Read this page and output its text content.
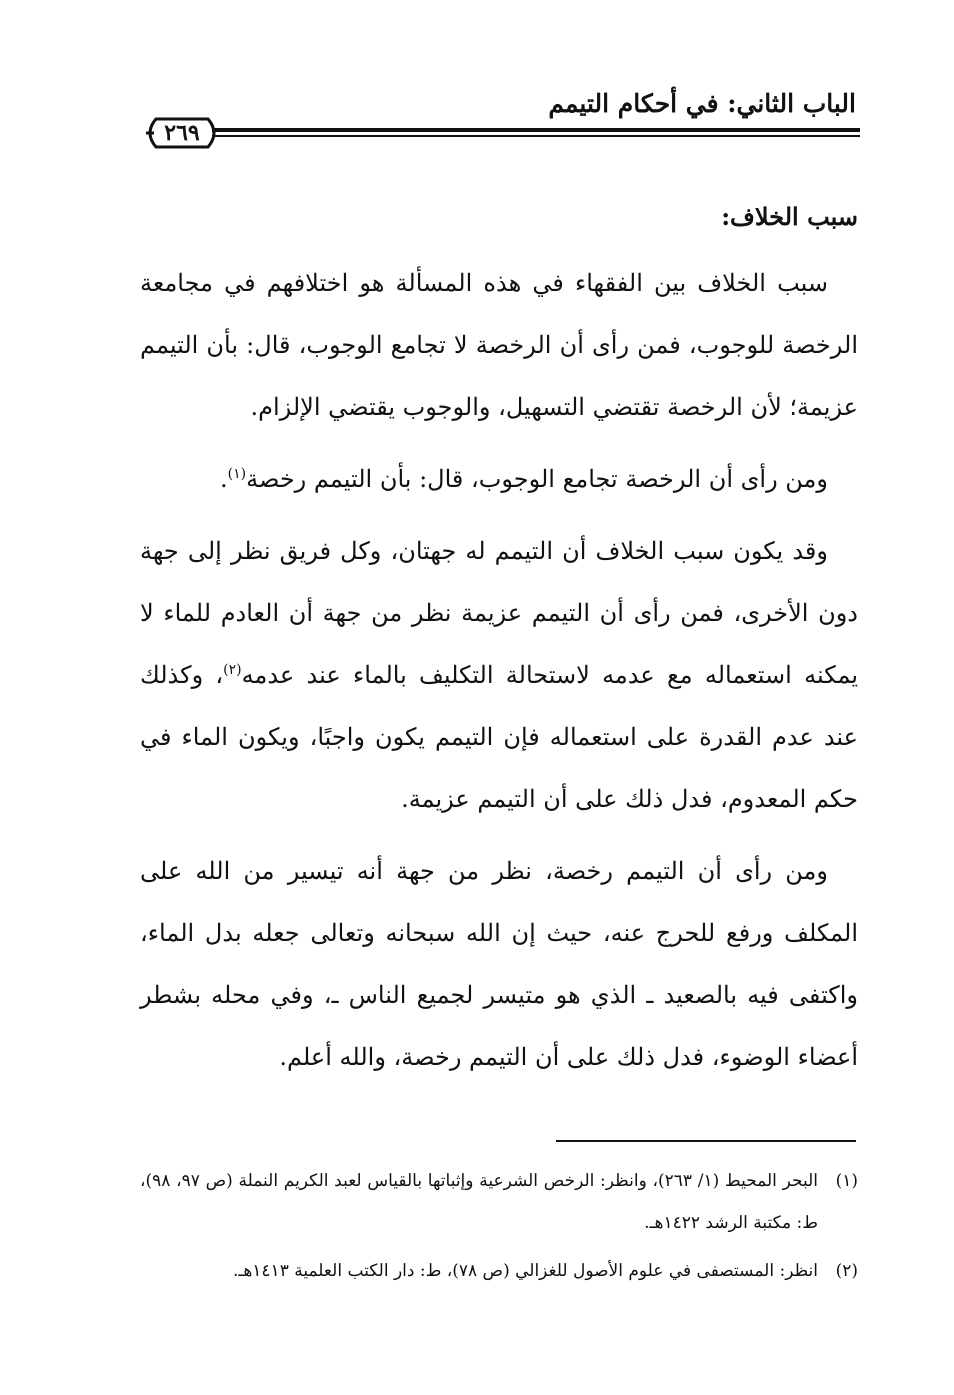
الباب الثاني: في أحكام التيمم
٢٦٩
سبب الخلاف:

سبب الخلاف بين الفقهاء في هذه المسألة هو اختلافهم في مجامعة الرخصة للوجوب، فمن رأى أن الرخصة لا تجامع الوجوب، قال: بأن التيمم عزيمة؛ لأن الرخصة تقتضي التسهيل، والوجوب يقتضي الإلزام.

ومن رأى أن الرخصة تجامع الوجوب، قال: بأن التيمم رخصة$^{(١)}$.

وقد يكون سبب الخلاف أن التيمم له جهتان، وكل فريق نظر إلى جهة دون الأخرى، فمن رأى أن التيمم عزيمة نظر من جهة أن العادم للماء لا يمكنه استعماله مع عدمه لاستحالة التكليف بالماء عند عدمه$^{(٢)}$، وكذلك عند عدم القدرة على استعماله فإن التيمم يكون واجبًا، ويكون الماء في حكم المعدوم، فدل ذلك على أن التيمم عزيمة.

ومن رأى أن التيمم رخصة، نظر من جهة أنه تيسير من الله على المكلف ورفع للحرج عنه، حيث إن الله سبحانه وتعالى جعله بدل الماء، واكتفى فيه بالصعيد ـ الذي هو متيسر لجميع الناس ـ، وفي محله بشطر أعضاء الوضوء، فدل ذلك على أن التيمم رخصة، والله أعلم.

(١)البحر المحيط (١/ ٢٦٣)، وانظر: الرخص الشرعية وإثباتها بالقياس لعبد الكريم النملة (ص ٩٧، ٩٨)، ط: مكتبة الرشد ١٤٢٢هـ.
(٢)انظر: المستصفى في علوم الأصول للغزالي (ص ٧٨)، ط: دار الكتب العلمية ١٤١٣هـ.
